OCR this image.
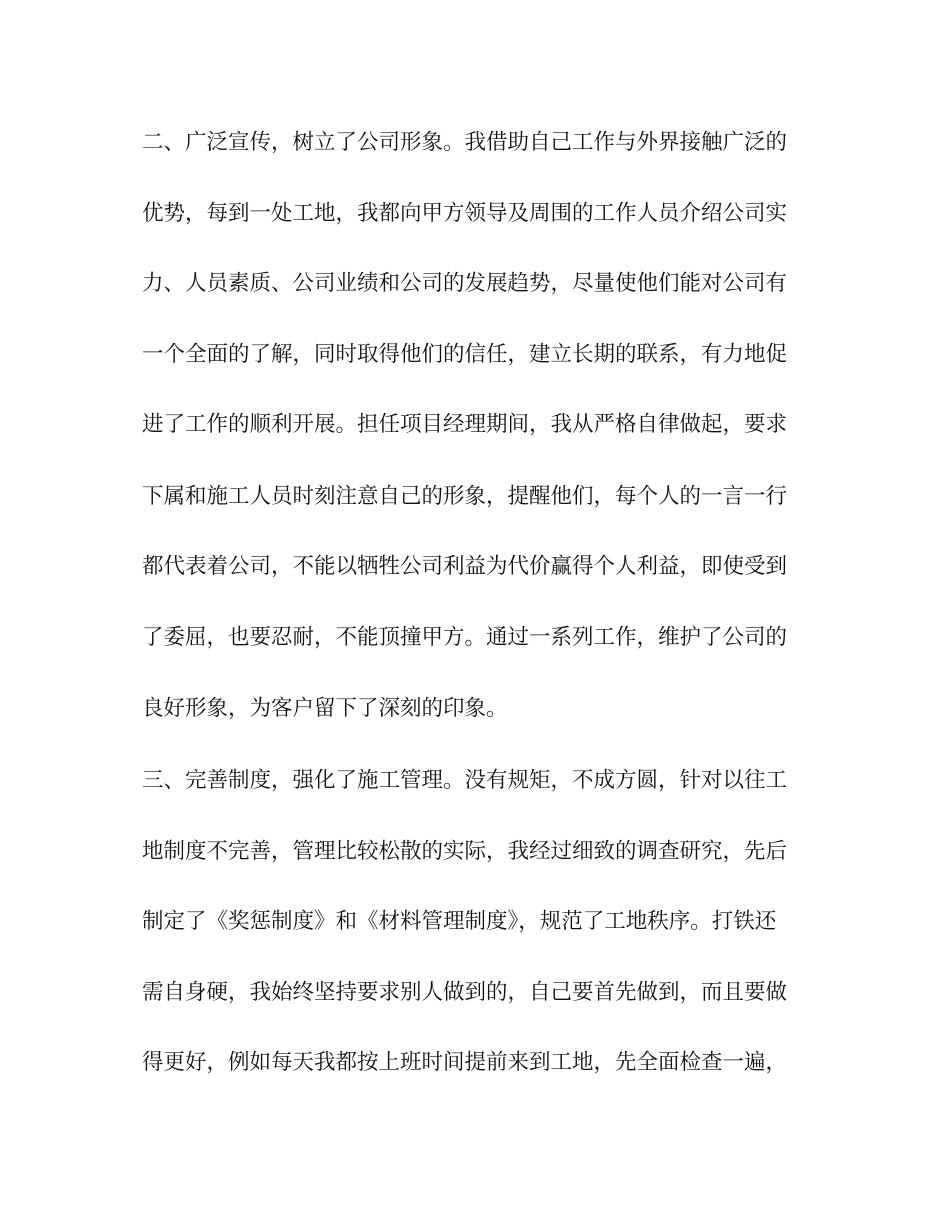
二、广泛宣传，树立了公司形象。我借助自己工作与外界接触广泛的
优势，每到一处工地，我都向甲方领导及周围的工作人员介绍公司实
力、人员素质、公司业绩和公司的发展趋势，尽量使他们能对公司有
一个全面的了解，同时取得他们的信任，建立长期的联系，有力地促
进了工作的顺利开展。担任项目经理期间，我从严格自律做起，要求
下属和施工人员时刻注意自己的形象，提醒他们，每个人的一言一行
都代表着公司，不能以牺牲公司利益为代价赢得个人利益，即使受到
了委屈，也要忍耐，不能顶撞甲方。通过一系列工作，维护了公司的
良好形象，为客户留下了深刻的印象。
三、完善制度，强化了施工管理。没有规矩，不成方圆，针对以往工
地制度不完善，管理比较松散的实际，我经过细致的调查研究，先后
制定了《奖惩制度》和《材料管理制度》，规范了工地秩序。打铁还
需自身硬，我始终坚持要求别人做到的，自己要首先做到，而且要做
得更好，例如每天我都按上班时间提前来到工地，先全面检查一遍，
